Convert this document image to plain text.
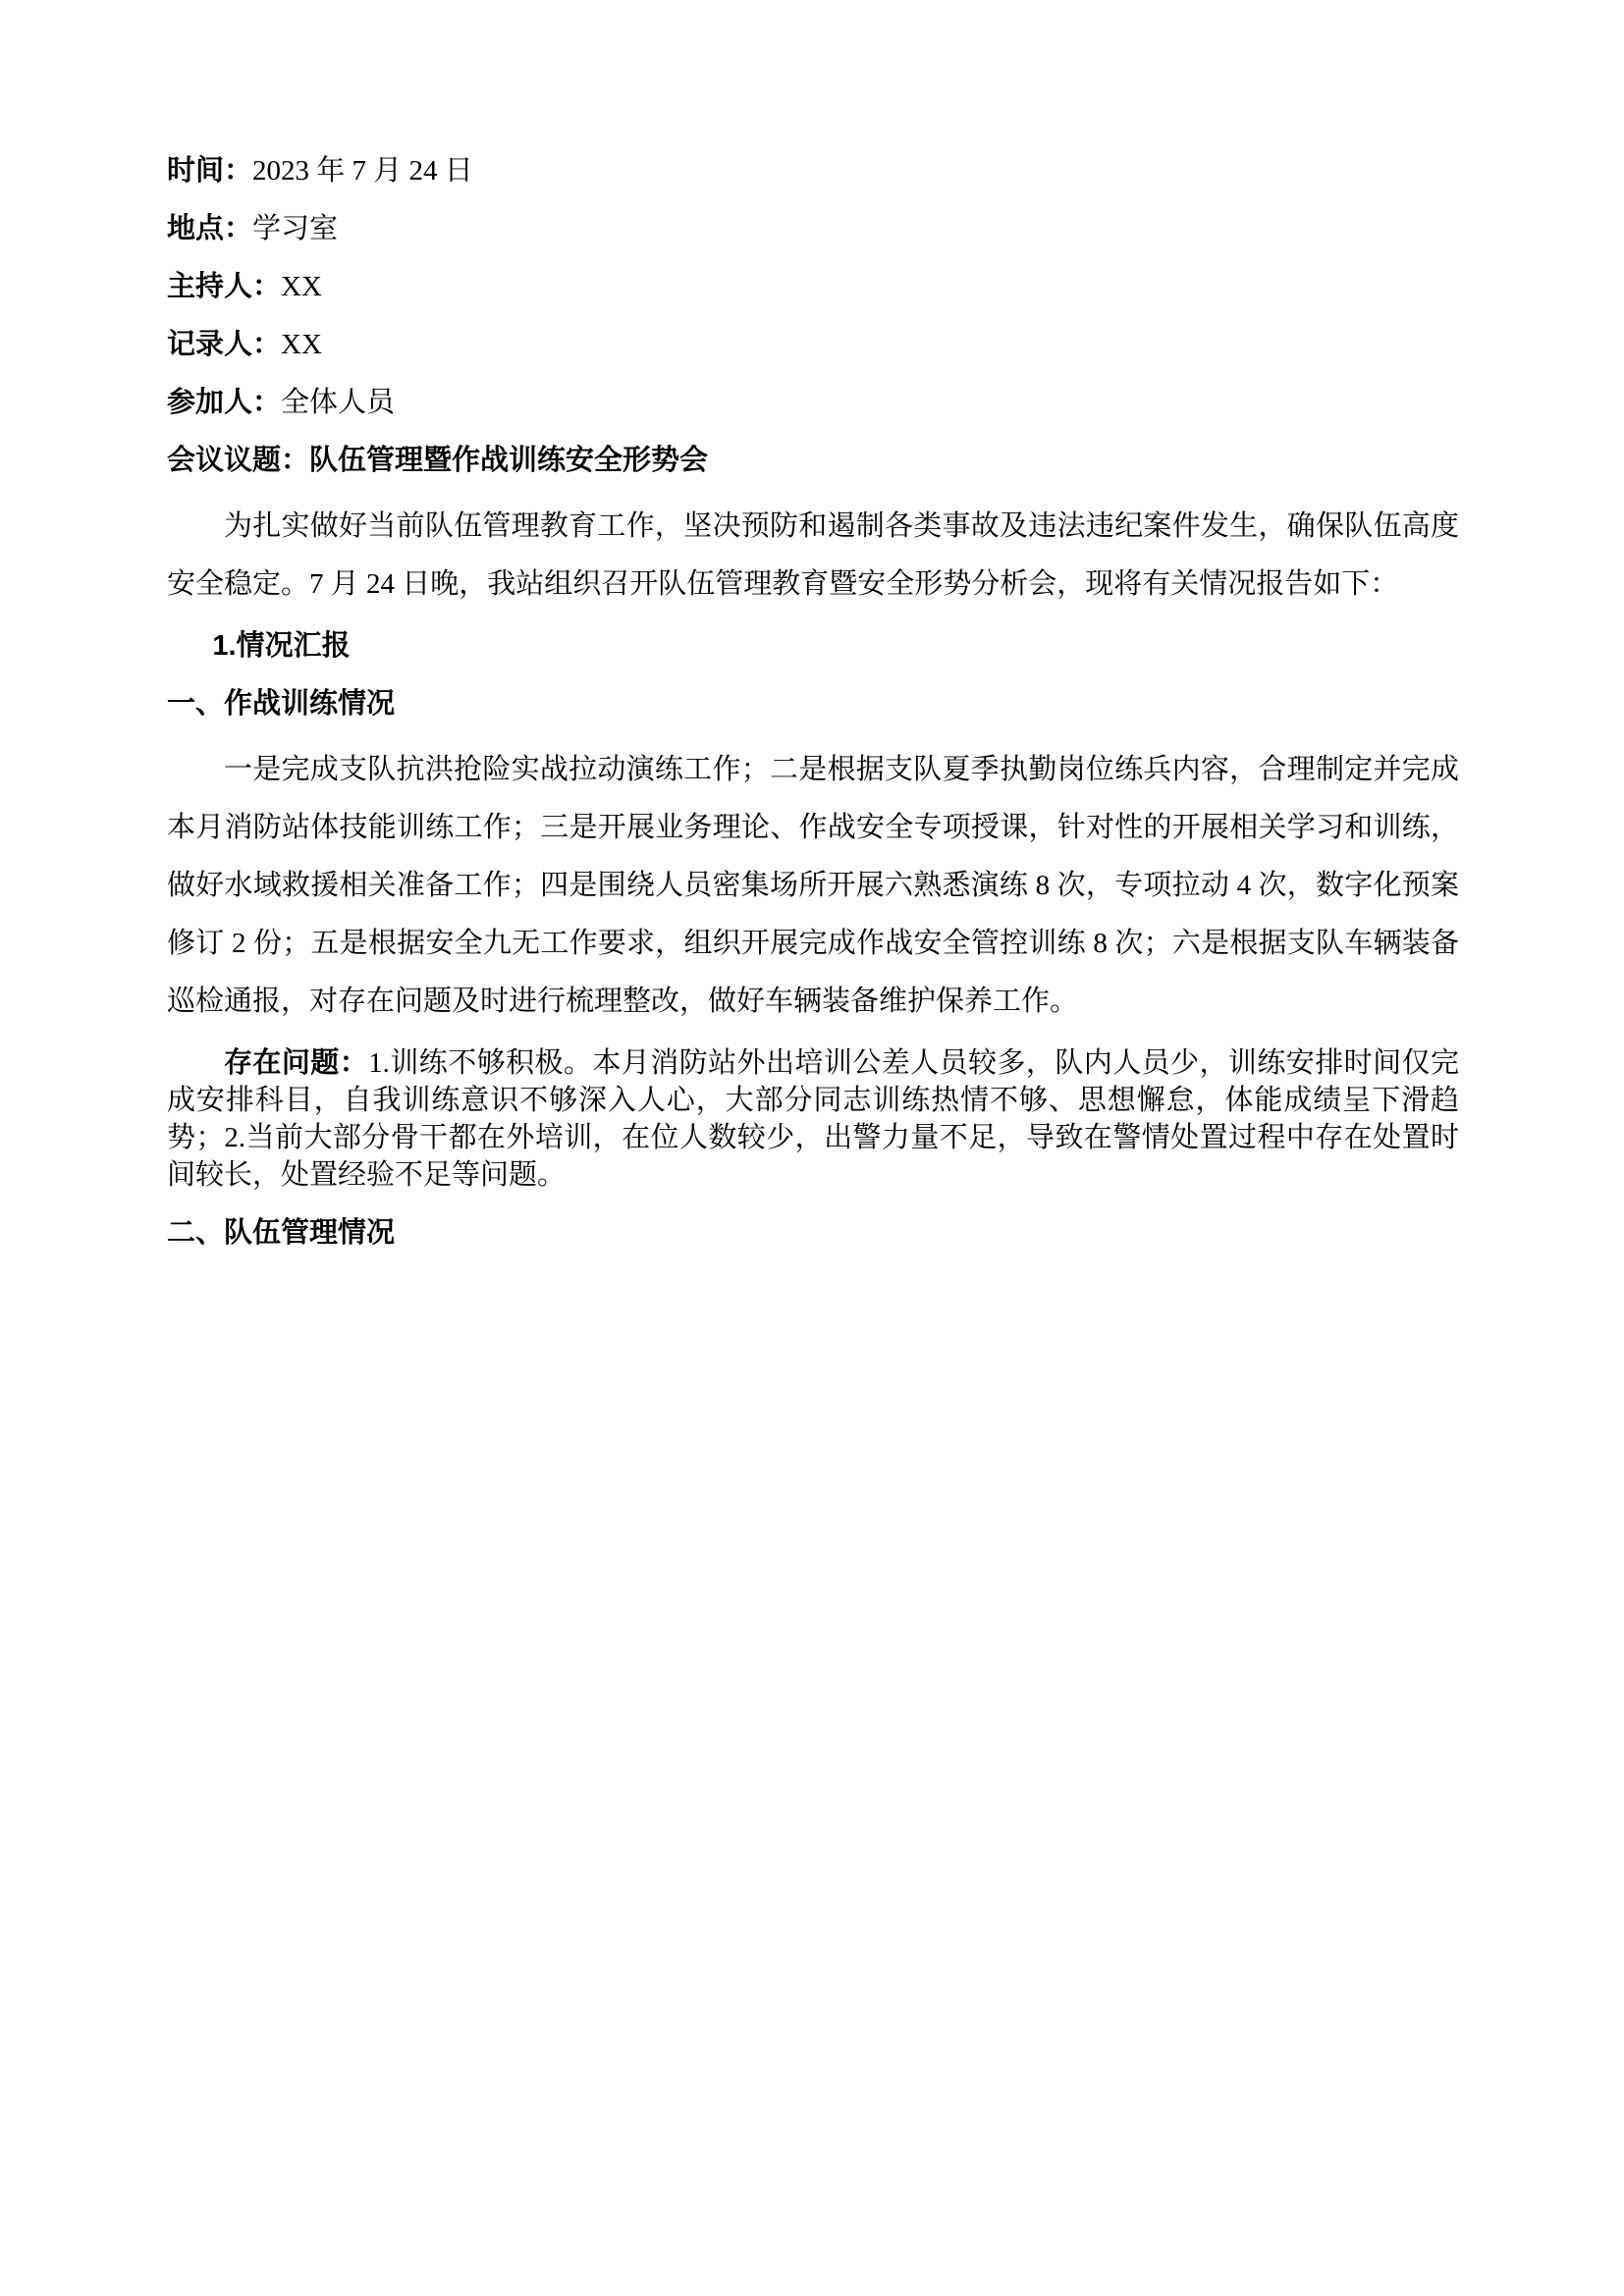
时间：2023 年 7 月 24 日
地点：学习室
主持人：XX
记录人：XX
参加人：全体人员
会议议题：队伍管理暨作战训练安全形势会

为扎实做好当前队伍管理教育工作，坚决预防和遏制各类事故及违法违纪案件发生，确保队伍高度安全稳定。7 月 24 日晚，我站组织召开队伍管理教育暨安全形势分析会，现将有关情况报告如下：

1.情况汇报

一、作战训练情况

一是完成支队抗洪抢险实战拉动演练工作；二是根据支队夏季执勤岗位练兵内容，合理制定并完成本月消防站体技能训练工作；三是开展业务理论、作战安全专项授课，针对性的开展相关学习和训练，做好水域救援相关准备工作；四是围绕人员密集场所开展六熟悉演练 8 次，专项拉动 4 次，数字化预案修订 2 份；五是根据安全九无工作要求，组织开展完成作战安全管控训练 8 次；六是根据支队车辆装备巡检通报，对存在问题及时进行梳理整改，做好车辆装备维护保养工作。

存在问题：1.训练不够积极。本月消防站外出培训公差人员较多，队内人员少，训练安排时间仅完成安排科目，自我训练意识不够深入人心，大部分同志训练热情不够、思想懈怠，体能成绩呈下滑趋势；2.当前大部分骨干都在外培训，在位人数较少，出警力量不足，导致在警情处置过程中存在处置时间较长，处置经验不足等问题。

二、队伍管理情况
